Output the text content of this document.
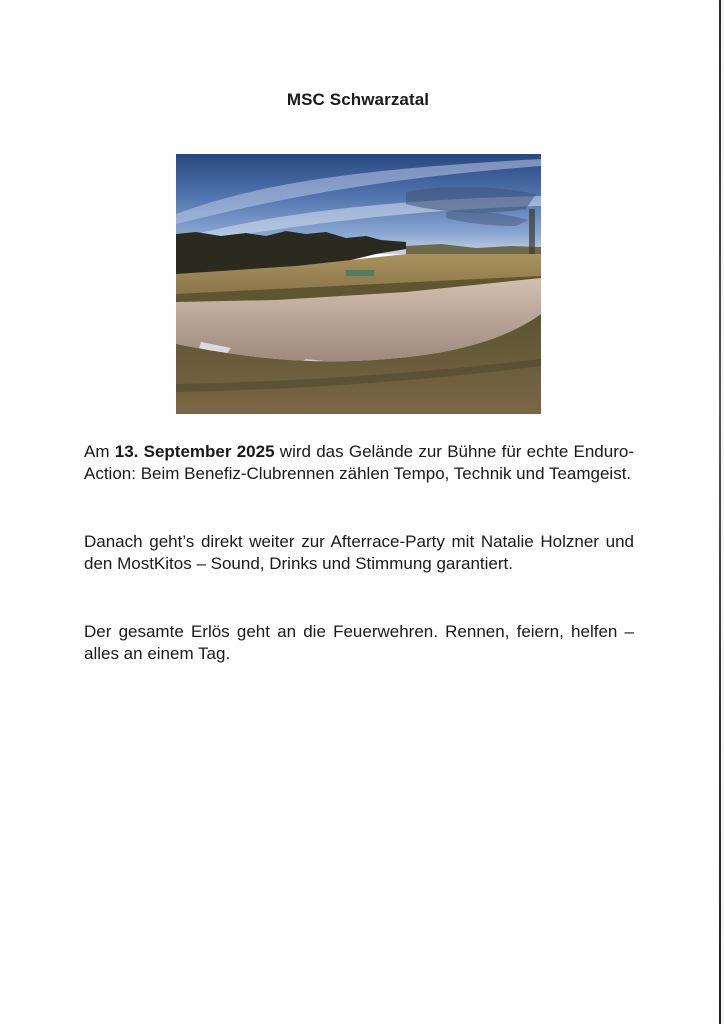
MSC Schwarzatal

Am 13. September 2025 wird das Gelände zur Bühne für echte Enduro-Action: Beim Benefiz-Clubrennen zählen Tempo, Technik und Teamgeist.

Danach geht’s direkt weiter zur Afterrace-Party mit Natalie Holzner und den MostKitos – Sound, Drinks und Stimmung garantiert.

Der gesamte Erlös geht an die Feuerwehren. Rennen, feiern, helfen – alles an einem Tag.
